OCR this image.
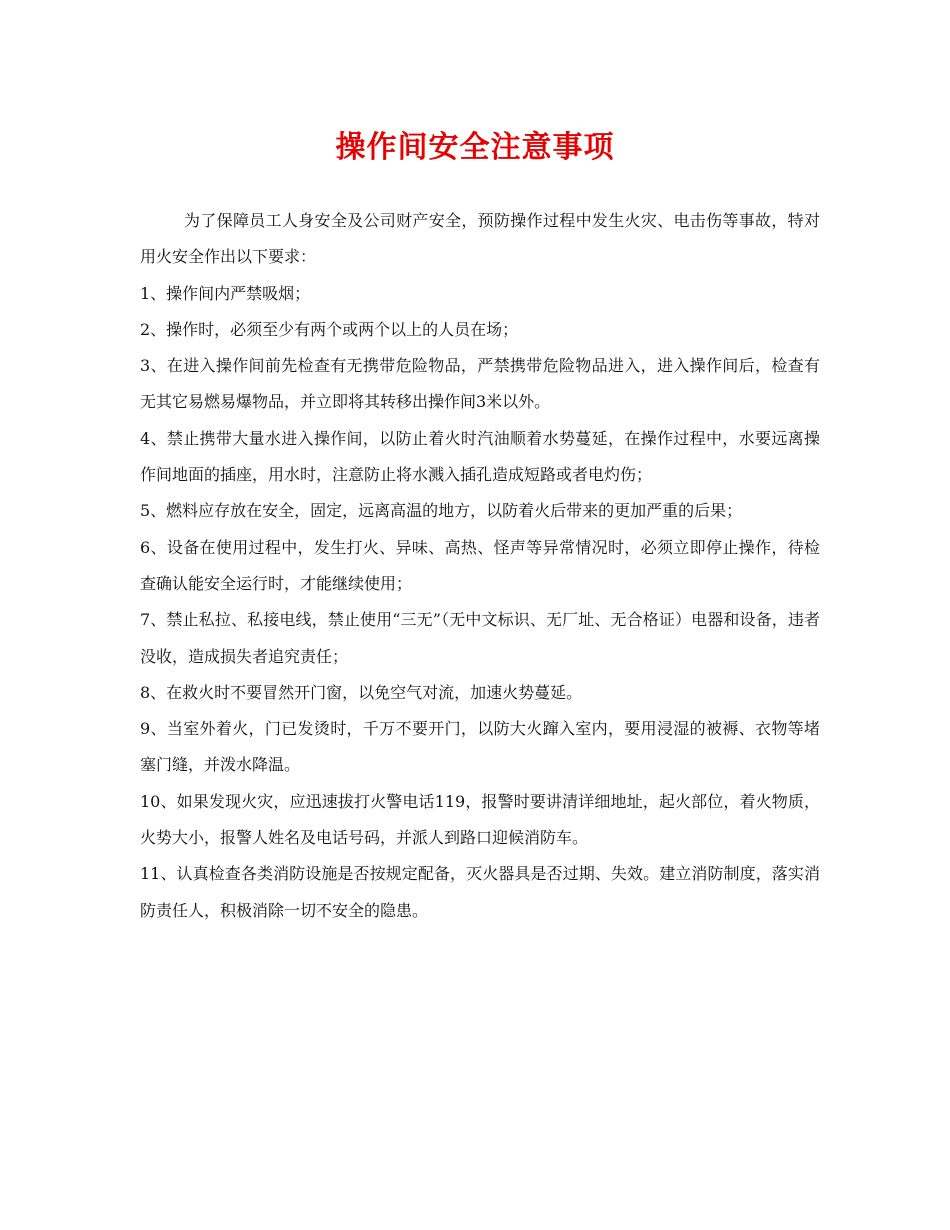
操作间安全注意事项

为了保障员工人身安全及公司财产安全，预防操作过程中发生火灾、电击伤等事故，特对用火安全作出以下要求：

1、操作间内严禁吸烟；

2、操作时，必须至少有两个或两个以上的人员在场；

3、在进入操作间前先检查有无携带危险物品，严禁携带危险物品进入，进入操作间后，检查有无其它易燃易爆物品，并立即将其转移出操作间3米以外。

4、禁止携带大量水进入操作间，以防止着火时汽油顺着水势蔓延，在操作过程中，水要远离操作间地面的插座，用水时，注意防止将水溅入插孔造成短路或者电灼伤；

5、燃料应存放在安全，固定，远离高温的地方，以防着火后带来的更加严重的后果；

6、设备在使用过程中，发生打火、异味、高热、怪声等异常情况时，必须立即停止操作，待检查确认能安全运行时，才能继续使用；

7、禁止私拉、私接电线，禁止使用“三无”（无中文标识、无厂址、无合格证）电器和设备，违者没收，造成损失者追究责任；

8、在救火时不要冒然开门窗，以免空气对流，加速火势蔓延。

9、当室外着火，门已发烫时，千万不要开门，以防大火蹿入室内，要用浸湿的被褥、衣物等堵塞门缝，并泼水降温。

10、如果发现火灾，应迅速拔打火警电话119，报警时要讲清详细地址，起火部位，着火物质，火势大小，报警人姓名及电话号码，并派人到路口迎候消防车。

11、认真检查各类消防设施是否按规定配备，灭火器具是否过期、失效。建立消防制度，落实消防责任人，积极消除一切不安全的隐患。
